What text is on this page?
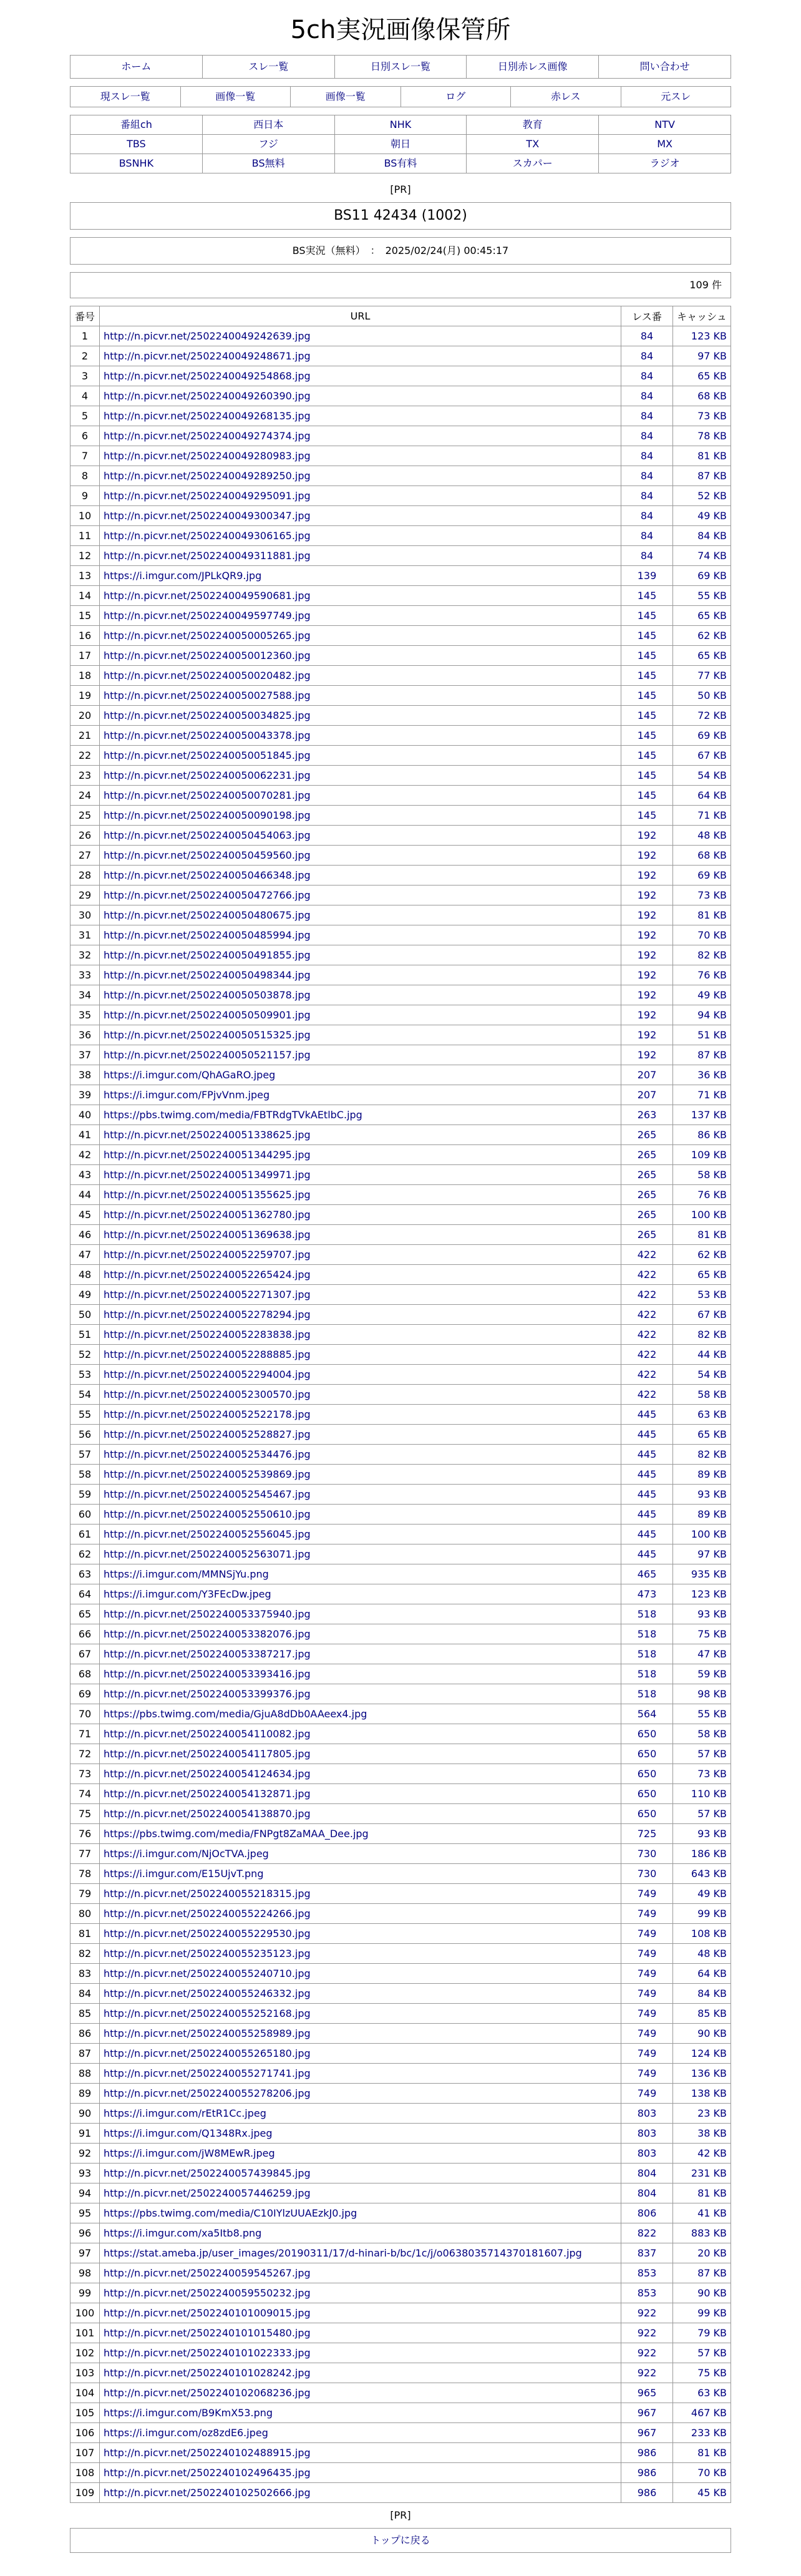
5ch実況画像保管所
ホーム	スレ一覧	日別スレ一覧	日別赤レス画像	問い合わせ
現スレ一覧	画像一覧	画像一覧	ログ	赤レス	元スレ
番組ch	西日本	NHK	教育	NTV
TBS	フジ	朝日	TX	MX
BSNHK	BS無料	BS有料	スカパー	ラジオ
[PR]
BS11 42434 (1002)
BS実況（無料）　：　2025/02/24(月) 00:45:17
109 件
番号	URL	レス番	キャッシュ
1	http://n.picvr.net/2502240049242639.jpg	84	123 KB
2	http://n.picvr.net/2502240049248671.jpg	84	97 KB
3	http://n.picvr.net/2502240049254868.jpg	84	65 KB
4	http://n.picvr.net/2502240049260390.jpg	84	68 KB
5	http://n.picvr.net/2502240049268135.jpg	84	73 KB
6	http://n.picvr.net/2502240049274374.jpg	84	78 KB
7	http://n.picvr.net/2502240049280983.jpg	84	81 KB
8	http://n.picvr.net/2502240049289250.jpg	84	87 KB
9	http://n.picvr.net/2502240049295091.jpg	84	52 KB
10	http://n.picvr.net/2502240049300347.jpg	84	49 KB
11	http://n.picvr.net/2502240049306165.jpg	84	84 KB
12	http://n.picvr.net/2502240049311881.jpg	84	74 KB
13	https://i.imgur.com/JPLkQR9.jpg	139	69 KB
14	http://n.picvr.net/2502240049590681.jpg	145	55 KB
15	http://n.picvr.net/2502240049597749.jpg	145	65 KB
16	http://n.picvr.net/2502240050005265.jpg	145	62 KB
17	http://n.picvr.net/2502240050012360.jpg	145	65 KB
18	http://n.picvr.net/2502240050020482.jpg	145	77 KB
19	http://n.picvr.net/2502240050027588.jpg	145	50 KB
20	http://n.picvr.net/2502240050034825.jpg	145	72 KB
21	http://n.picvr.net/2502240050043378.jpg	145	69 KB
22	http://n.picvr.net/2502240050051845.jpg	145	67 KB
23	http://n.picvr.net/2502240050062231.jpg	145	54 KB
24	http://n.picvr.net/2502240050070281.jpg	145	64 KB
25	http://n.picvr.net/2502240050090198.jpg	145	71 KB
26	http://n.picvr.net/2502240050454063.jpg	192	48 KB
27	http://n.picvr.net/2502240050459560.jpg	192	68 KB
28	http://n.picvr.net/2502240050466348.jpg	192	69 KB
29	http://n.picvr.net/2502240050472766.jpg	192	73 KB
30	http://n.picvr.net/2502240050480675.jpg	192	81 KB
31	http://n.picvr.net/2502240050485994.jpg	192	70 KB
32	http://n.picvr.net/2502240050491855.jpg	192	82 KB
33	http://n.picvr.net/2502240050498344.jpg	192	76 KB
34	http://n.picvr.net/2502240050503878.jpg	192	49 KB
35	http://n.picvr.net/2502240050509901.jpg	192	94 KB
36	http://n.picvr.net/2502240050515325.jpg	192	51 KB
37	http://n.picvr.net/2502240050521157.jpg	192	87 KB
38	https://i.imgur.com/QhAGaRO.jpeg	207	36 KB
39	https://i.imgur.com/FPjvVnm.jpeg	207	71 KB
40	https://pbs.twimg.com/media/FBTRdgTVkAEtlbC.jpg	263	137 KB
41	http://n.picvr.net/2502240051338625.jpg	265	86 KB
42	http://n.picvr.net/2502240051344295.jpg	265	109 KB
43	http://n.picvr.net/2502240051349971.jpg	265	58 KB
44	http://n.picvr.net/2502240051355625.jpg	265	76 KB
45	http://n.picvr.net/2502240051362780.jpg	265	100 KB
46	http://n.picvr.net/2502240051369638.jpg	265	81 KB
47	http://n.picvr.net/2502240052259707.jpg	422	62 KB
48	http://n.picvr.net/2502240052265424.jpg	422	65 KB
49	http://n.picvr.net/2502240052271307.jpg	422	53 KB
50	http://n.picvr.net/2502240052278294.jpg	422	67 KB
51	http://n.picvr.net/2502240052283838.jpg	422	82 KB
52	http://n.picvr.net/2502240052288885.jpg	422	44 KB
53	http://n.picvr.net/2502240052294004.jpg	422	54 KB
54	http://n.picvr.net/2502240052300570.jpg	422	58 KB
55	http://n.picvr.net/2502240052522178.jpg	445	63 KB
56	http://n.picvr.net/2502240052528827.jpg	445	65 KB
57	http://n.picvr.net/2502240052534476.jpg	445	82 KB
58	http://n.picvr.net/2502240052539869.jpg	445	89 KB
59	http://n.picvr.net/2502240052545467.jpg	445	93 KB
60	http://n.picvr.net/2502240052550610.jpg	445	89 KB
61	http://n.picvr.net/2502240052556045.jpg	445	100 KB
62	http://n.picvr.net/2502240052563071.jpg	445	97 KB
63	https://i.imgur.com/MMNSjYu.png	465	935 KB
64	https://i.imgur.com/Y3FEcDw.jpeg	473	123 KB
65	http://n.picvr.net/2502240053375940.jpg	518	93 KB
66	http://n.picvr.net/2502240053382076.jpg	518	75 KB
67	http://n.picvr.net/2502240053387217.jpg	518	47 KB
68	http://n.picvr.net/2502240053393416.jpg	518	59 KB
69	http://n.picvr.net/2502240053399376.jpg	518	98 KB
70	https://pbs.twimg.com/media/GjuA8dDb0AAeex4.jpg	564	55 KB
71	http://n.picvr.net/2502240054110082.jpg	650	58 KB
72	http://n.picvr.net/2502240054117805.jpg	650	57 KB
73	http://n.picvr.net/2502240054124634.jpg	650	73 KB
74	http://n.picvr.net/2502240054132871.jpg	650	110 KB
75	http://n.picvr.net/2502240054138870.jpg	650	57 KB
76	https://pbs.twimg.com/media/FNPgt8ZaMAA_Dee.jpg	725	93 KB
77	https://i.imgur.com/NjOcTVA.jpeg	730	186 KB
78	https://i.imgur.com/E15UjvT.png	730	643 KB
79	http://n.picvr.net/2502240055218315.jpg	749	49 KB
80	http://n.picvr.net/2502240055224266.jpg	749	99 KB
81	http://n.picvr.net/2502240055229530.jpg	749	108 KB
82	http://n.picvr.net/2502240055235123.jpg	749	48 KB
83	http://n.picvr.net/2502240055240710.jpg	749	64 KB
84	http://n.picvr.net/2502240055246332.jpg	749	84 KB
85	http://n.picvr.net/2502240055252168.jpg	749	85 KB
86	http://n.picvr.net/2502240055258989.jpg	749	90 KB
87	http://n.picvr.net/2502240055265180.jpg	749	124 KB
88	http://n.picvr.net/2502240055271741.jpg	749	136 KB
89	http://n.picvr.net/2502240055278206.jpg	749	138 KB
90	https://i.imgur.com/rEtR1Cc.jpeg	803	23 KB
91	https://i.imgur.com/Q1348Rx.jpeg	803	38 KB
92	https://i.imgur.com/jW8MEwR.jpeg	803	42 KB
93	http://n.picvr.net/2502240057439845.jpg	804	231 KB
94	http://n.picvr.net/2502240057446259.jpg	804	81 KB
95	https://pbs.twimg.com/media/C10IYlzUUAEzkJ0.jpg	806	41 KB
96	https://i.imgur.com/xa5Itb8.png	822	883 KB
97	https://stat.ameba.jp/user_images/20190311/17/d-hinari-b/bc/1c/j/o0638035714370181607.jpg	837	20 KB
98	http://n.picvr.net/2502240059545267.jpg	853	87 KB
99	http://n.picvr.net/2502240059550232.jpg	853	90 KB
100	http://n.picvr.net/2502240101009015.jpg	922	99 KB
101	http://n.picvr.net/2502240101015480.jpg	922	79 KB
102	http://n.picvr.net/2502240101022333.jpg	922	57 KB
103	http://n.picvr.net/2502240101028242.jpg	922	75 KB
104	http://n.picvr.net/2502240102068236.jpg	965	63 KB
105	https://i.imgur.com/B9KmX53.png	967	467 KB
106	https://i.imgur.com/oz8zdE6.jpeg	967	233 KB
107	http://n.picvr.net/2502240102488915.jpg	986	81 KB
108	http://n.picvr.net/2502240102496435.jpg	986	70 KB
109	http://n.picvr.net/2502240102502666.jpg	986	45 KB
[PR]
トップに戻る
